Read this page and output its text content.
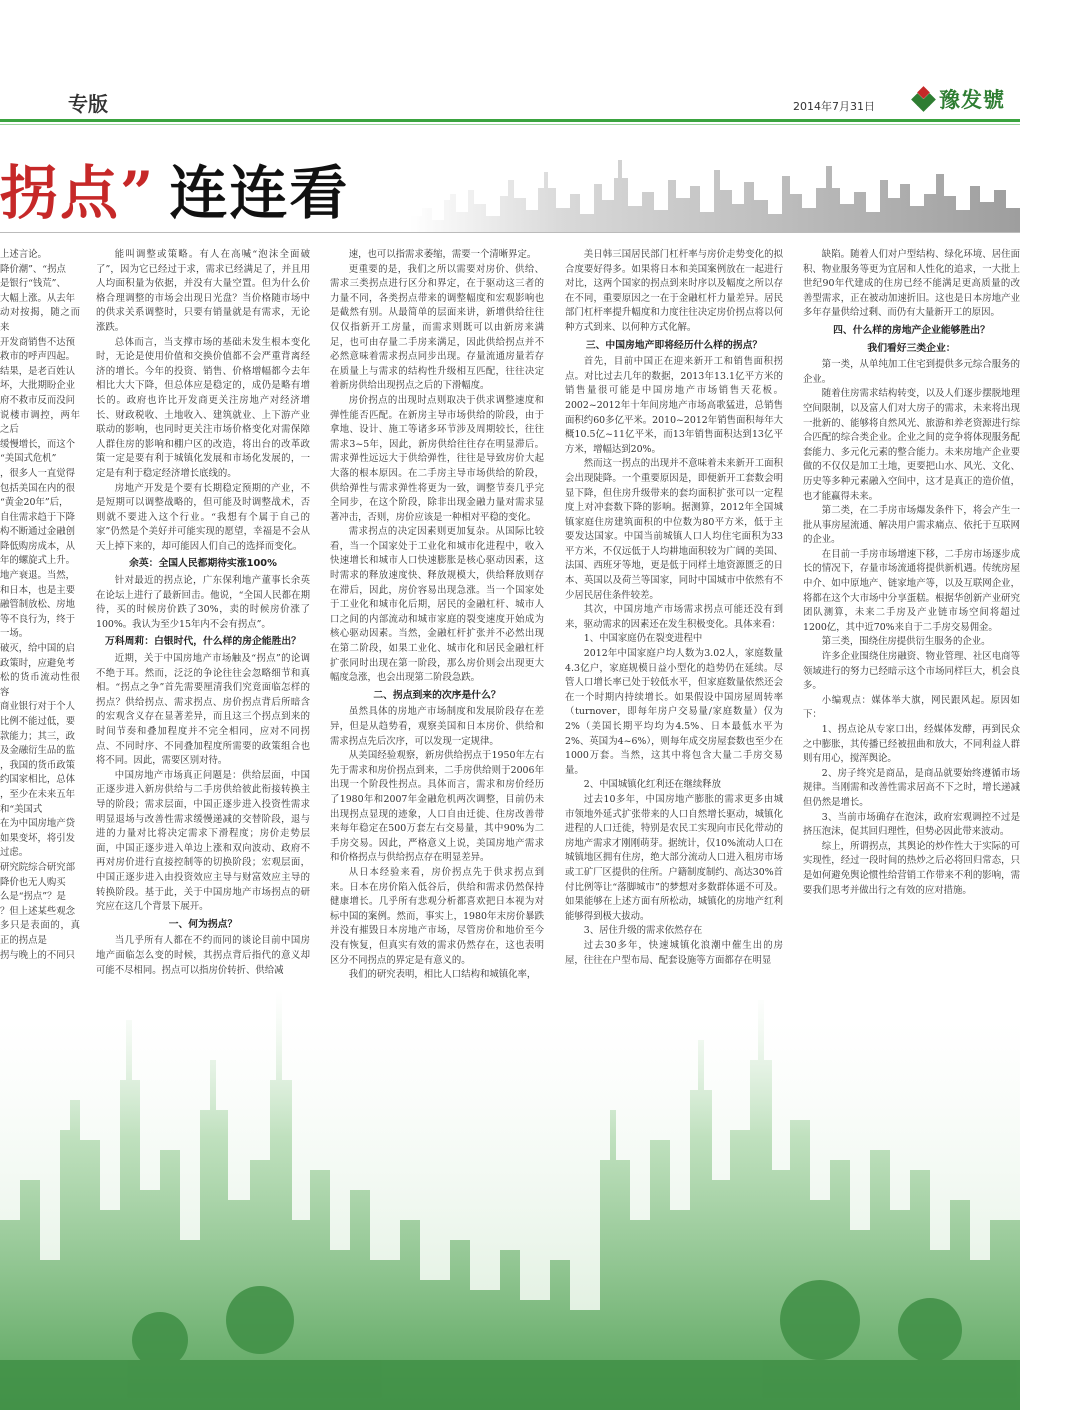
专版	2014年7月31日	豫发號
拐点” 连连看

上述言论。

降价潮”、“拐点

是银行“钱荒”、

大幅上涨。从去年

动对按揭，随之而来

开发商销售不达预

救市的呼声四起。

结果，是老百姓认

坏，大批期盼企业

府不救市反而没问

说楼市调控，两年之后

缓慢增长，而这个

“美国式危机”

，很多人一直觉得

包括美国在内的很

“黄金20年”后，

自住需求趋于下降

构不断通过金融创

降低购房成本，从

年的螺旋式上升。

地产衰退。当然，

和日本，也是主要

融管制放松、房地

等不良行为，终于

一场。

破灭，给中国的启

政策时，应避免考

松的货币流动性很容

商业银行对于个人

比例不能过低，要

款能力；其三，政

及金融衍生品的监

，我国的货币政策

约国家相比，总体

，至少在未来五年

和“美国式

在为中国房地产贷

如果变坏，将引发

过虑。

研究院综合研究部

降价也无人购买

么是“拐点”？是

？但上述某些观念

多只是表面的，真正的拐点是

拐与晚上的不同只

能叫调整或策略。有人在高喊“泡沫全面破了”，因为它已经过于求，需求已经满足了，并且用人均面积量为依据，并没有大量空置。但为什么价格合理调整的市场会出现日光盘？当价格随市场中的供求关系调整时，只要有销量就是有需求，无论涨跌。

总体而言，当支撑市场的基础未发生根本变化时，无论是使用价值和交换价值都不会严重背离经济的增长。今年的投资、销售、价格增幅都今去年相比大大下降，但总体应是稳定的，成仍是略有增长的。政府也许比开发商更关注房地产对经济增长、财政税收、土地收入、建筑就业、上下游产业联动的影响，也同时更关注市场价格变化对需保障人群住房的影响和棚户区的改造，将出台的改革政策一定是要有利于城镇化发展和市场化发展的，一定是有利于稳定经济增长底线的。

房地产开发是个要有长期稳定预期的产业，不是短期可以调整战略的，但可能及时调整战术，否则就不要进入这个行业。“我想有个属于自己的家”仍然是个美好并可能实现的愿望，幸福是不会从天上掉下来的，却可能因人们自己的选择而变化。

余英：全国人民都期待实涨100%

针对最近的拐点论，广东保利地产董事长余英在论坛上进行了最新回击。他说，“全国人民都在期待，买的时候房价跌了30%，卖的时候房价涨了100%。我认为至少15年内不会有拐点”。

万科周莉：白银时代，什么样的房企能胜出？

近期，关于中国房地产市场触及“拐点”的论调不绝于耳。然而，泛泛的争论往往会忽略细节和真相。“拐点之争”首先需要厘清我们究竟面临怎样的拐点？供给拐点、需求拐点、房价拐点背后所暗含的宏观含义存在显著差异，而且这三个拐点到来的时间节奏和叠加程度并不完全相同，应对不同拐点、不同时序、不同叠加程度所需要的政策组合也将不同。因此，需要区别对待。

中国房地产市场真正问题是：供给层面，中国正逐步进入新房供给与二手房供给彼此衔接转换主导的阶段；需求层面，中国正逐步进入投资性需求明显退场与改善性需求缓慢递减的交替阶段，退与进的力量对比将决定需求下滑程度；房价走势层面，中国正逐步进入单边上涨和双向波动、政府不再对房价进行直接控制等的切换阶段；宏观层面，中国正逐步进入由投资效应主导与财富效应主导的转换阶段。基于此，关于中国房地产市场拐点的研究应在这几个背景下展开。

一、何为拐点？

当几乎所有人都在不约而同的谈论目前中国房地产面临怎么变的时候，其拐点背后指代的意义却可能不尽相同。拐点可以指房价转折、供给减

速，也可以指需求萎缩，需要一个清晰界定。

更重要的是，我们之所以需要对房价、供给、需求三类拐点进行区分和界定，在于驱动这三者的力量不同，各类拐点带来的调整幅度和宏观影响也是截然有别。从最简单的层面来讲，新增供给往往仅仅指新开工房量，而需求则既可以由新房来满足，也可由存量二手房来满足，因此供给拐点并不必然意味着需求拐点同步出现。存量流通房量若存在质量上与需求的结构性升级相互匹配，往往决定着新房供给出现拐点之后的下滑幅度。

房价拐点的出现时点则取决于供求调整速度和弹性能否匹配。在新房主导市场供给的阶段，由于拿地、设计、施工等诸多环节涉及周期较长，往往需求3~5年，因此，新房供给往往存在明显滞后。需求弹性远远大于供给弹性，往往是导致房价大起大落的根本原因。在二手房主导市场供给的阶段，供给弹性与需求弹性将更为一致，调整节奏几乎完全同步，在这个阶段，除非出现金融力量对需求显著冲击，否则，房价应该是一种相对平稳的变化。

需求拐点的决定因素则更加复杂。从国际比较看，当一个国家处于工业化和城市化进程中，收入快速增长和城市人口快速膨胀是核心驱动因素，这时需求的释放速度快、释放规模大，供给释放则存在滞后，因此，房价容易出现急涨。当一个国家处于工业化和城市化后期，居民的金融杠杆、城市人口之间的内部流动和城市家庭的裂变速度开始成为核心驱动因素。当然，金融杠杆扩张并不必然出现在第二阶段，如果工业化、城市化和居民金融杠杆扩张同时出现在第一阶段，那么房价则会出现更大幅度急涨，也会出现第二阶段急跌。

二、拐点到来的次序是什么？

虽然具体的房地产市场制度和发展阶段存在差异，但是从趋势看，观察美国和日本房价、供给和需求拐点先后次序，可以发现一定规律。

从美国经验观察，新房供给拐点于1950年左右先于需求和房价拐点到来，二手房供给则于2006年出现一个阶段性拐点。具体而言，需求和房价经历了1980年和2007年金融危机两次调整，目前仍未出现拐点显现的迹象，人口自由迁徙、住房改善带来每年稳定在500万套左右交易量，其中90%为二手房交易。因此，严格意义上说，美国房地产需求和价格拐点与供给拐点存在明显差异。

从日本经验来看，房价拐点先于供求拐点到来。日本在房价陷入低谷后，供给和需求仍然保持健康增长。几乎所有悲观分析都喜欢把日本视为对标中国的案例。然而，事实上，1980年末房价暴跌并没有摧毁日本房地产市场，尽管房价和地价至今没有恢复，但真实有效的需求仍然存在，这也表明区分不同拐点的界定是有意义的。

我们的研究表明，相比人口结构和城镇化率，

美日韩三国居民部门杠杆率与房价走势变化的拟合度要好得多。如果将日本和美国案例放在一起进行对比，这两个国家的拐点到来时序以及幅度之所以存在不同，重要原因之一在于金融杠杆力量差异。居民部门杠杆率提升幅度和力度往往决定房价拐点将以何种方式到来、以何种方式化解。

三、中国房地产即将经历什么样的拐点？

首先，目前中国正在迎来新开工和销售面积拐点。对比过去几年的数据，2013年13.1亿平方米的销售量很可能是中国房地产市场销售天花板。2002~2012年十年间房地产市场高歌猛进，总销售面积约60多亿平米。2010~2012年销售面积每年大概10.5亿~11亿平米，而13年销售面积达到13亿平方米，增幅达到20%。

然而这一拐点的出现并不意味着未来新开工面积会出现陡降。一个重要原因是，即便新开工套数会明显下降，但住房升级带来的套均面积扩张可以一定程度上对冲套数下降的影响。据测算，2012年全国城镇家庭住房建筑面积的中位数为80平方米，低于主要发达国家。中国当前城镇人口人均住宅面积为33平方米，不仅远低于人均耕地面积较为广阔的美国、法国、西班牙等地，更是低于同样土地资源匮乏的日本、英国以及荷兰等国家，同时中国城市中依然有不少居民居住条件较差。

其次，中国房地产市场需求拐点可能还没有到来，驱动需求的因素还在发生积极变化。具体来看：

1、中国家庭仍在裂变进程中

2012年中国家庭户均人数为3.02人，家庭数量4.3亿户，家庭规模日益小型化的趋势仍在延续。尽管人口增长率已处于较低水平，但家庭数量依然还会在一个时期内持续增长。如果假设中国房屋周转率（turnover，即每年房户交易量/家庭数量）仅为2%（美国长期平均均为4.5%、日本最低水平为2%、英国为4~6%），则每年成交房屋套数也至少在1000万套。当然，这其中将包含大量二手房交易量。

2、中国城镇化红利还在继续释放

过去10多年，中国房地产膨胀的需求更多由城市领地外延式扩张带来的人口自然增长驱动，城镇化进程的人口迁徙，特别是农民工实现向市民化带动的房地产需求才刚刚萌芽。据统计，仅10%流动人口在城镇地区拥有住房，绝大部分流动人口进入租房市场或工矿厂区提供的住所。户籍制度制约、高达30%首付比例等让“落脚城市”的梦想对多数群体遥不可及。如果能够在上述方面有所松动，城镇化的房地产红利能够得到极大拔动。

3、居住升级的需求依然存在

过去30多年，快速城镇化浪潮中催生出的房屋，往往在户型布局、配套设施等方面都存在明显

缺陷。随着人们对户型结构、绿化环境、居住面积、物业服务等更为宜居和人性化的追求，一大批上世纪90年代建成的住房已经不能满足更高质量的改善型需求，正在被动加速折旧。这也是日本房地产业多年存量供给过剩、而仍有大量新开工的原因。

四、什么样的房地产企业能够胜出？
我们看好三类企业：

第一类，从单纯加工住宅到提供多元综合服务的企业。

随着住房需求结构转变，以及人们逐步摆脱地理空间限制，以及富人们对大房子的需求，未来将出现一批新的、能够将自然风光、旅游和养老资源进行综合匹配的综合类企业。企业之间的竞争将体现服务配套能力、多元化元素的整合能力。未来房地产企业要做的不仅仅是加工土地，更要把山水、风光、文化、历史等多种元素融入空间中，这才是真正的造价值，也才能赢得未来。

第二类，在二手房市场爆发条件下，将会产生一批从事房屋流通、解决用户需求痛点、依托于互联网的企业。

在目前一手房市场增速下移，二手房市场逐步成长的情况下，存量市场流通将提供新机遇。传统房屋中介、如中原地产、链家地产等，以及互联网企业，将都在这个大市场中分享蛋糕。根据华创新产业研究团队测算，未来二手房及产业链市场空间将超过1200亿，其中近70%来自于二手房交易佣金。

第三类，围绕住房提供衍生服务的企业。

许多企业围绕住房融资、物业管理、社区电商等领域进行的努力已经暗示这个市场同样巨大，机会良多。

小编观点：媒体举大旗，网民跟风起。原因如下：

1、拐点论从专家口出，经媒体发酵，再到民众之中膨胀，其传播已经被扭曲和放大，不同利益人群则有用心，搅浑舆论。

2、房子终究是商品，是商品就要始终遵循市场规律。当刚需和改善性需求居高不下之时，增长递减但仍然是增长。

3、当前市场确存在泡沫，政府宏观调控不过是挤压泡沫，促其回归理性，但势必因此带来波动。

综上，所谓拐点，其舆论的炒作性大于实际的可实现性，经过一段时间的热炒之后必将回归常态，只是如何避免舆论惯性给营销工作带来不利的影响，需要我们思考并做出行之有效的应对措施。
